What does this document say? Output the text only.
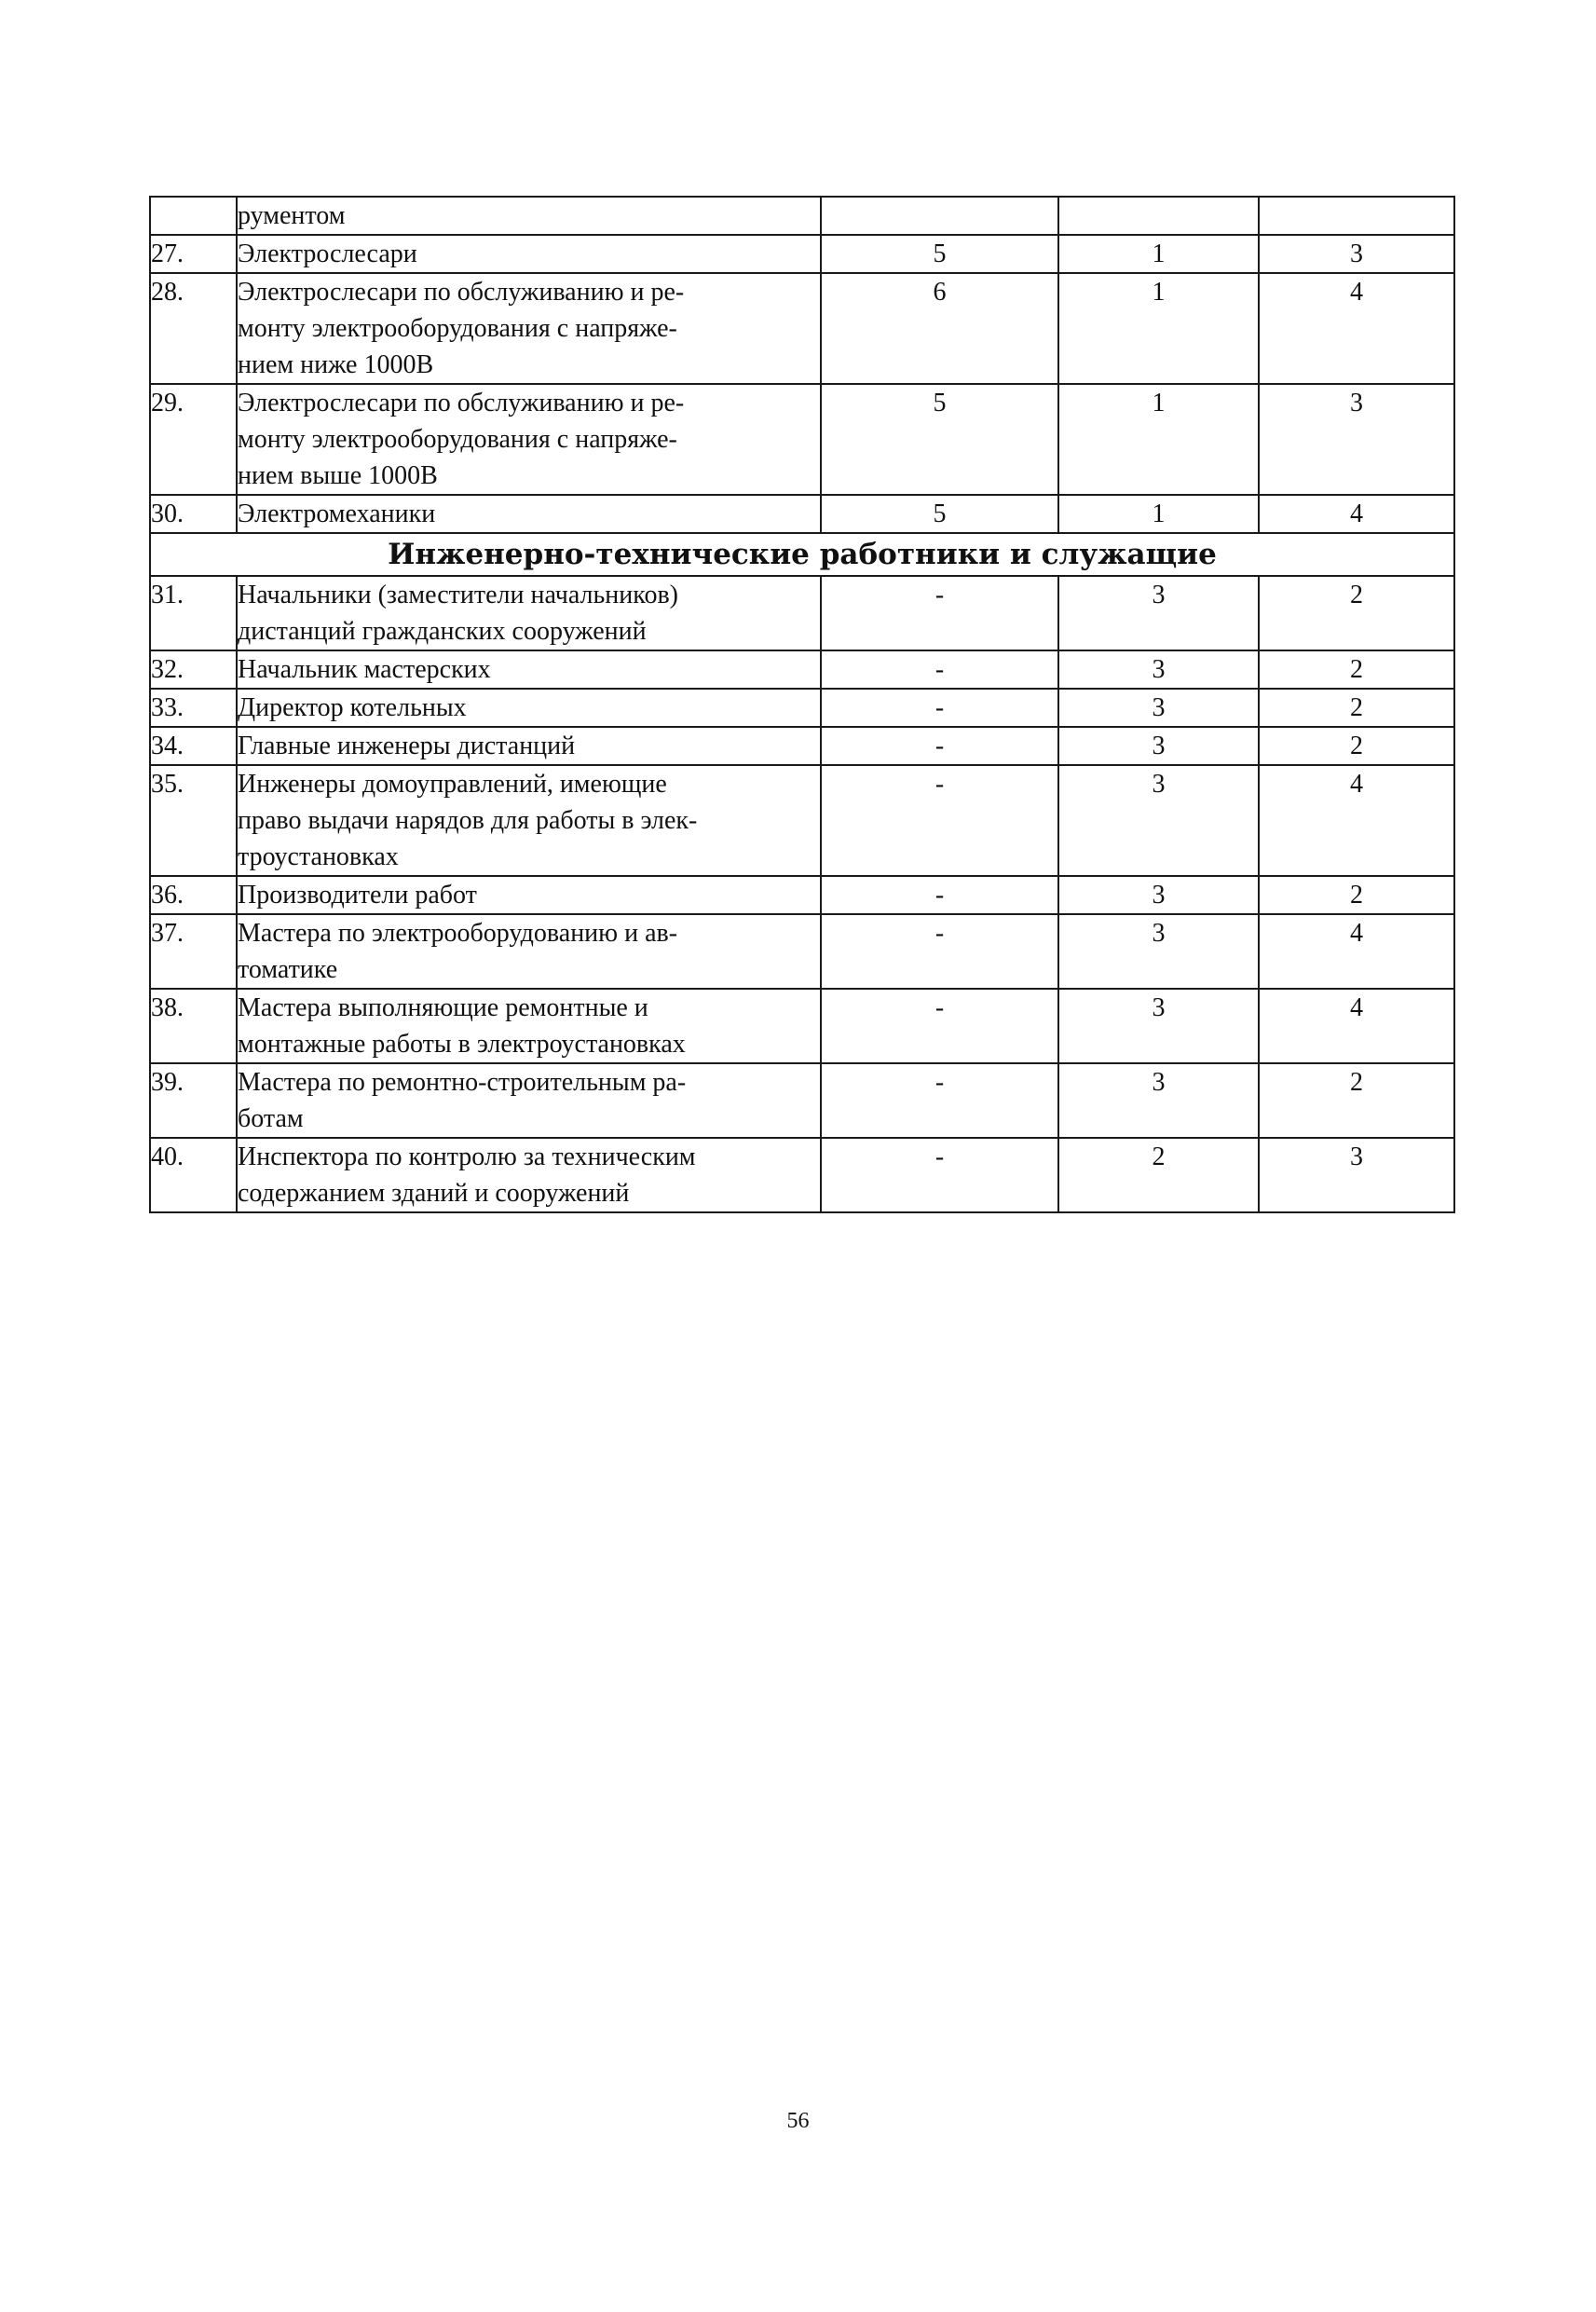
	рументом			

27.	Электрослесари	5	1	3
28.	Электрослесари по обслуживанию и ре-
монту электрооборудования с напряже-
нием ниже 1000В	6	1	4
29.	Электрослесари по обслуживанию и ре-
монту электрооборудования с напряже-
нием выше 1000В	5	1	3
30.	Электромеханики	5	1	4
Инженерно-технические работники и служащие				
31.	Начальники (заместители начальников)
дистанций гражданских сооружений	-	3	2
32.	Начальник мастерских	-	3	2
33.	Директор котельных	-	3	2
34.	Главные инженеры дистанций	-	3	2
35.	Инженеры домоуправлений, имеющие
право выдачи нарядов для работы в элек-
троустановках	-	3	4
36.	Производители работ	-	3	2
37.	Мастера по электрооборудованию и ав-
томатике	-	3	4
38.	Мастера выполняющие ремонтные и
монтажные работы в электроустановках	-	3	4
39.	Мастера по ремонтно-строительным ра-
ботам	-	3	2
40.	Инспектора по контролю за техническим
содержанием зданий и сооружений	-	2	3
56
